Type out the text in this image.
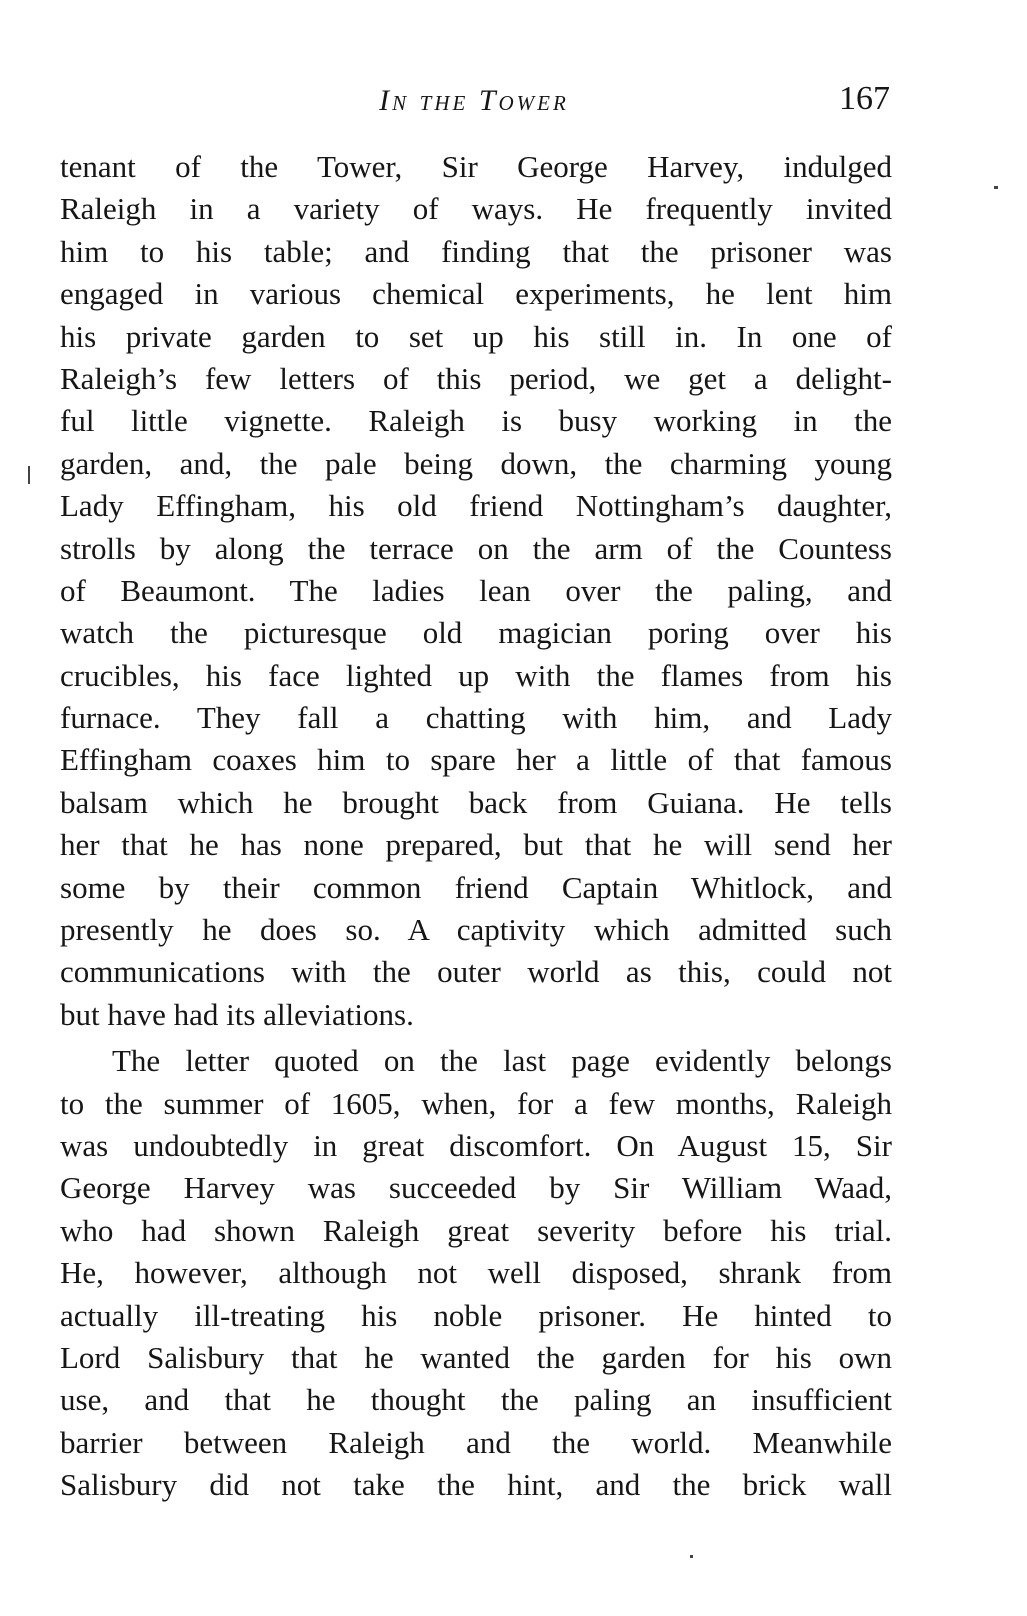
In the Tower	167
tenant of the Tower, Sir George Harvey, indulged
Raleigh in a variety of ways. He frequently invited
him to his table; and finding that the prisoner was
engaged in various chemical experiments, he lent him
his private garden to set up his still in. In one of
Raleigh’s few letters of this period, we get a delight-
ful little vignette. Raleigh is busy working in the
garden, and, the pale being down, the charming young
Lady Effingham, his old friend Nottingham’s daughter,
strolls by along the terrace on the arm of the Countess
of Beaumont. The ladies lean over the paling, and
watch the picturesque old magician poring over his
crucibles, his face lighted up with the flames from his
furnace. They fall a chatting with him, and Lady
Effingham coaxes him to spare her a little of that famous
balsam which he brought back from Guiana. He tells
her that he has none prepared, but that he will send her
some by their common friend Captain Whitlock, and
presently he does so. A captivity which admitted such
communications with the outer world as this, could not
but have had its alleviations.
The letter quoted on the last page evidently belongs
to the summer of 1605, when, for a few months, Raleigh
was undoubtedly in great discomfort. On August 15, Sir
George Harvey was succeeded by Sir William Waad,
who had shown Raleigh great severity before his trial.
He, however, although not well disposed, shrank from
actually ill-treating his noble prisoner. He hinted to
Lord Salisbury that he wanted the garden for his own
use, and that he thought the paling an insufficient
barrier between Raleigh and the world. Meanwhile
Salisbury did not take the hint, and the brick wall
